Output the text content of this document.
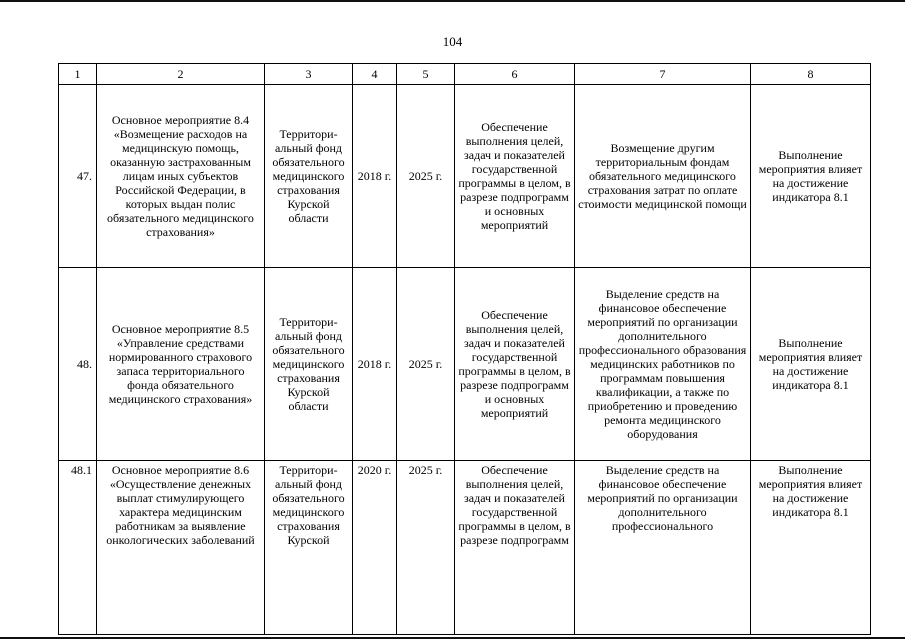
104
1	2	3	4	5	6	7	8
47.	Основное мероприятие 8.4 «Возмещение расходов на медицинскую помощь, оказанную застрахованным лицам иных субъектов Российской Федерации, в которых выдан полис обязательного медицинского страхования»	Территори-альный фонд обязательного медицинского страхования Курской области	2018 г.	2025 г.	Обеспечение выполнения целей, задач и показателей государственной программы в целом, в разрезе подпрограмм и основных мероприятий	Возмещение другим территориальным фондам обязательного медицинского страхования затрат по оплате стоимости медицинской помощи	Выполнение мероприятия влияет на достижение индикатора 8.1
48.	Основное мероприятие 8.5 «Управление средствами нормированного страхового запаса территориального фонда обязательного медицинского страхования»	Территори-альный фонд обязательного медицинского страхования Курской области	2018 г.	2025 г.	Обеспечение выполнения целей, задач и показателей государственной программы в целом, в разрезе подпрограмм и основных мероприятий	Выделение средств на финансовое обеспечение мероприятий по организации дополнительного профессионального образования медицинских работников по программам повышения квалификации, а также по приобретению и проведению ремонта медицинского оборудования	Выполнение мероприятия влияет на достижение индикатора 8.1
48.1	Основное мероприятие 8.6 «Осуществление денежных выплат стимулирующего характера медицинским работникам за выявление онкологических заболеваний	Территори-альный фонд обязательного медицинского страхования Курской	2020 г.	2025 г.	Обеспечение выполнения целей, задач и показателей государственной программы в целом, в разрезе подпрограмм	Выделение средств на финансовое обеспечение мероприятий по организации дополнительного профессионального	Выполнение мероприятия влияет на достижение индикатора 8.1
